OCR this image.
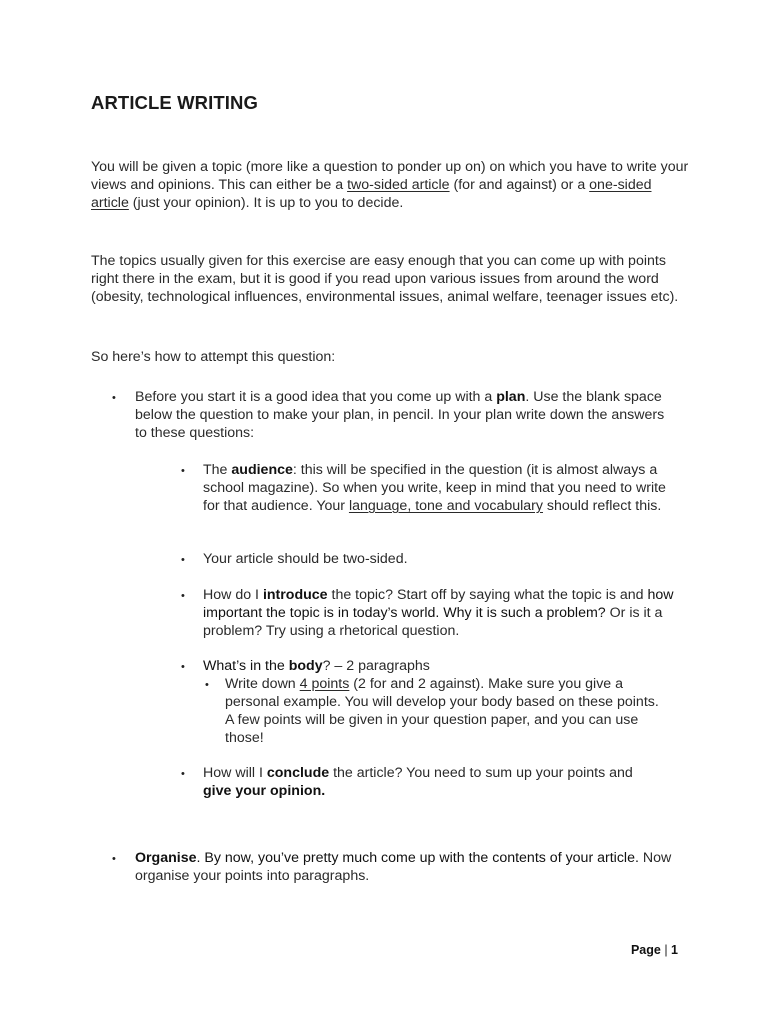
ARTICLE WRITING

You will be given a topic (more like a question to ponder up on) on which you have to write your views and opinions. This can either be a two-sided article (for and against) or a one-sided article (just your opinion). It is up to you to decide.

The topics usually given for this exercise are easy enough that you can come up with points right there in the exam, but it is good if you read upon various issues from around the word (obesity, technological influences, environmental issues, animal welfare, teenager issues etc).

So here’s how to attempt this question:

• Before you start it is a good idea that you come up with a plan. Use the blank space below the question to make your plan, in pencil. In your plan write down the answers to these questions:

• The audience: this will be specified in the question (it is almost always a school magazine). So when you write, keep in mind that you need to write for that audience. Your language, tone and vocabulary should reflect this.

• Your article should be two-sided.

• How do I introduce the topic? Start off by saying what the topic is and how important the topic is in today’s world. Why it is such a problem? Or is it a problem? Try using a rhetorical question.

• What’s in the body? – 2 paragraphs

• Write down 4 points (2 for and 2 against). Make sure you give a personal example. You will develop your body based on these points. A few points will be given in your question paper, and you can use those!

• How will I conclude the article? You need to sum up your points and give your opinion.

• Organise. By now, you’ve pretty much come up with the contents of your article. Now organise your points into paragraphs.

Page | 1
